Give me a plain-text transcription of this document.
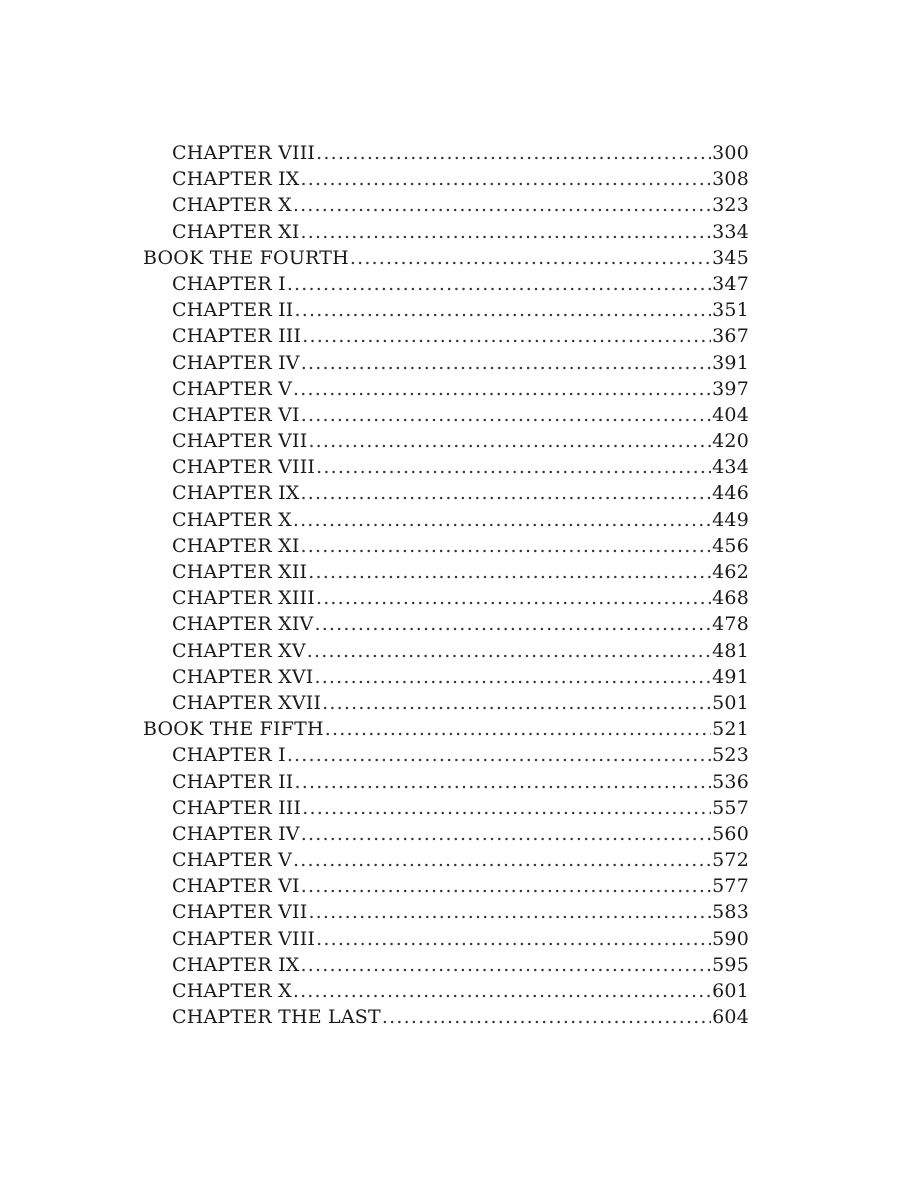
CHAPTER VIII .....	300
CHAPTER IX .....	308
CHAPTER X .....	323
CHAPTER XI .....	334
BOOK THE FOURTH .....	345
CHAPTER I .....	347
CHAPTER II .....	351
CHAPTER III .....	367
CHAPTER IV .....	391
CHAPTER V .....	397
CHAPTER VI .....	404
CHAPTER VII .....	420
CHAPTER VIII .....	434
CHAPTER IX .....	446
CHAPTER X .....	449
CHAPTER XI .....	456
CHAPTER XII .....	462
CHAPTER XIII .....	468
CHAPTER XIV .....	478
CHAPTER XV .....	481
CHAPTER XVI .....	491
CHAPTER XVII .....	501
BOOK THE FIFTH .....	521
CHAPTER I .....	523
CHAPTER II .....	536
CHAPTER III .....	557
CHAPTER IV .....	560
CHAPTER V .....	572
CHAPTER VI .....	577
CHAPTER VII .....	583
CHAPTER VIII .....	590
CHAPTER IX .....	595
CHAPTER X .....	601
CHAPTER THE LAST .....	604
